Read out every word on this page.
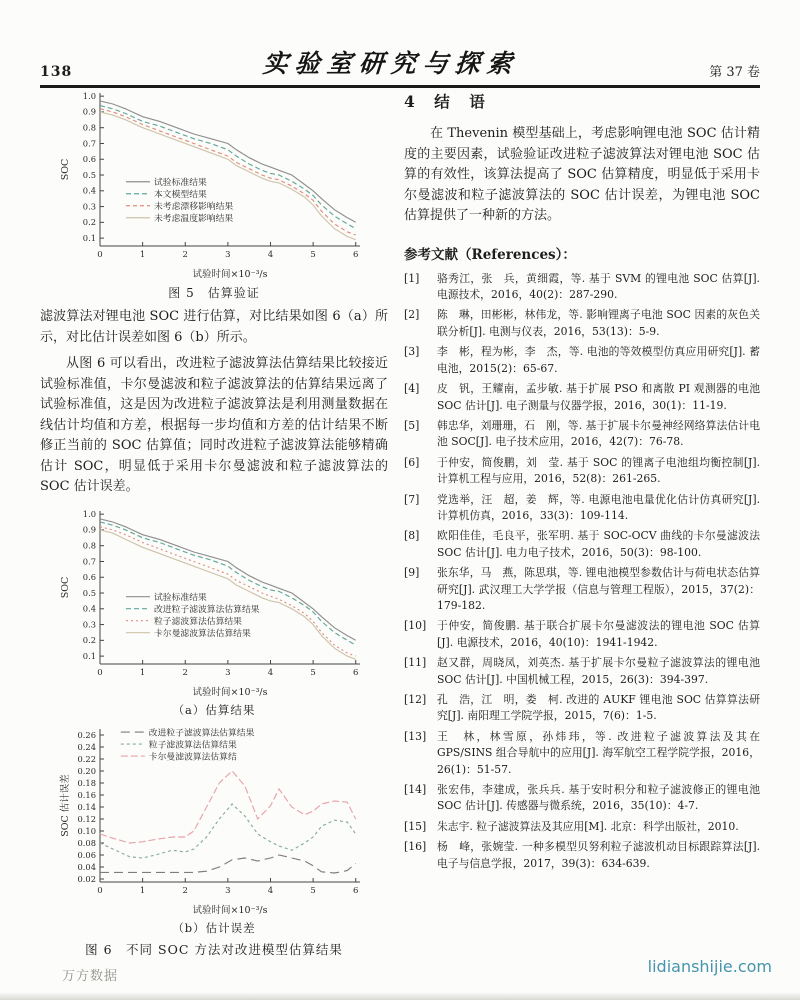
138	实验室研究与探索	第 37 卷
0.1
0.2
0.3
0.4
0.5
0.6
0.7
0.8
0.9
1.0
0	1	2	3	4	5	6
试验时间×10⁻³/s
SOC
试验标准结果
本文模型结果
未考虑漂移影响结果
未考虑温度影响结果
图 5　估算验证

滤波算法对锂电池 SOC 进行估算，对比结果如图 6（a）所示，对比估计误差如图 6（b）所示。

从图 6 可以看出，改进粒子滤波算法估算结果比较接近试验标准值，卡尔曼滤波和粒子滤波算法的估算结果远离了试验标准值，这是因为改进粒子滤波算法是利用测量数据在线估计均值和方差，根据每一步均值和方差的估计结果不断修正当前的 SOC 估算值；同时改进粒子滤波算法能够精确估计 SOC，明显低于采用卡尔曼滤波和粒子滤波算法的 SOC 估计误差。

0.1
0.2
0.3
0.4
0.5
0.6
0.7
0.8
0.9
1.0
0	1	2	3	4	5	6
试验时间×10⁻³/s
SOC	试验标准结果
改进粒子滤波算法估算结果
粒子滤波算法估算结果
卡尔曼滤波算法估算结果
（a）估算结果
0.02
0.04
0.06
0.08
0.10
0.12
0.14
0.16
0.18
0.20
0.22
0.24
0.26
0	1	2	3	4	5	6
试验时间×10⁻³/s
SOC 估计误差
改进粒子滤波算法估算结果
粒子滤波算法估算结果
卡尔曼滤波算法估算结
（b）估计误差
图 6　不同 SOC 方法对改进模型估算结果
4　结　语

在 Thevenin 模型基础上，考虑影响锂电池 SOC 估计精度的主要因素，试验验证改进粒子滤波算法对锂电池 SOC 估算的有效性，该算法提高了 SOC 估算精度，明显低于采用卡尔曼滤波和粒子滤波算法的 SOC 估计误差，为锂电池 SOC 估算提供了一种新的方法。

参考文献（References）：
[1]	骆秀江，张　兵，黄细霞，等. 基于 SVM 的锂电池 SOC 估算[J]. 电源技术，2016，40(2)：287-290.
[2]	陈　琳，田彬彬，林伟龙，等. 影响锂离子电池 SOC 因素的灰色关联分析[J]. 电测与仪表，2016，53(13)：5-9.
[3]	李　彬，程为彬，李　杰，等. 电池的等效模型仿真应用研究[J]. 蓄电池，2015(2)：65-67.
[4]	皮　钒，王耀南，孟步敏. 基于扩展 PSO 和离散 PI 观测器的电池 SOC 估计[J]. 电子测量与仪器学报，2016，30(1)：11-19.
[5]	韩忠华，刘珊珊，石　刚，等. 基于扩展卡尔曼神经网络算法估计电池 SOC[J]. 电子技术应用，2016，42(7)：76-78.
[6]	于仲安，简俊鹏，刘　莹. 基于 SOC 的锂离子电池组均衡控制[J]. 计算机工程与应用，2016，52(8)：261-265.
[7]	党选举，汪　超，姜　辉，等. 电源电池电量优化估计仿真研究[J]. 计算机仿真，2016，33(3)：109-114.
[8]	欧阳佳佳，毛良平，张军明. 基于 SOC-OCV 曲线的卡尔曼滤波法 SOC 估计[J]. 电力电子技术，2016，50(3)：98-100.
[9]	张东华，马　燕，陈思琪，等. 锂电池模型参数估计与荷电状态估算研究[J]. 武汉理工大学学报（信息与管理工程版），2015，37(2)：179-182.
[10]	于仲安，简俊鹏. 基于联合扩展卡尔曼滤波法的锂电池 SOC 估算[J]. 电源技术，2016，40(10)：1941-1942.
[11]	赵又群，周晓凤，刘英杰. 基于扩展卡尔曼粒子滤波算法的锂电池 SOC 估计[J]. 中国机械工程，2015，26(3)：394-397.
[12]	孔　浩，江　明，娄　柯. 改进的 AUKF 锂电池 SOC 估算算法研究[J]. 南阳理工学院学报，2015，7(6)：1-5.
[13]	王　林，林雪原，孙炜玮，等. 改进粒子滤波算法及其在 GPS/SINS 组合导航中的应用[J]. 海军航空工程学院学报，2016，26(1)：51-57.
[14]	张宏伟，李建成，张兵兵. 基于安时积分和粒子滤波修正的锂电池 SOC 估计[J]. 传感器与微系统，2016，35(10)：4-7.
[15]	朱志宇. 粒子滤波算法及其应用[M]. 北京：科学出版社，2010.
[16]	杨　峰，张婉莹. 一种多模型贝努利粒子滤波机动目标跟踪算法[J]. 电子与信息学报，2017，39(3)：634-639.
万方数据
lidianshijie.com
